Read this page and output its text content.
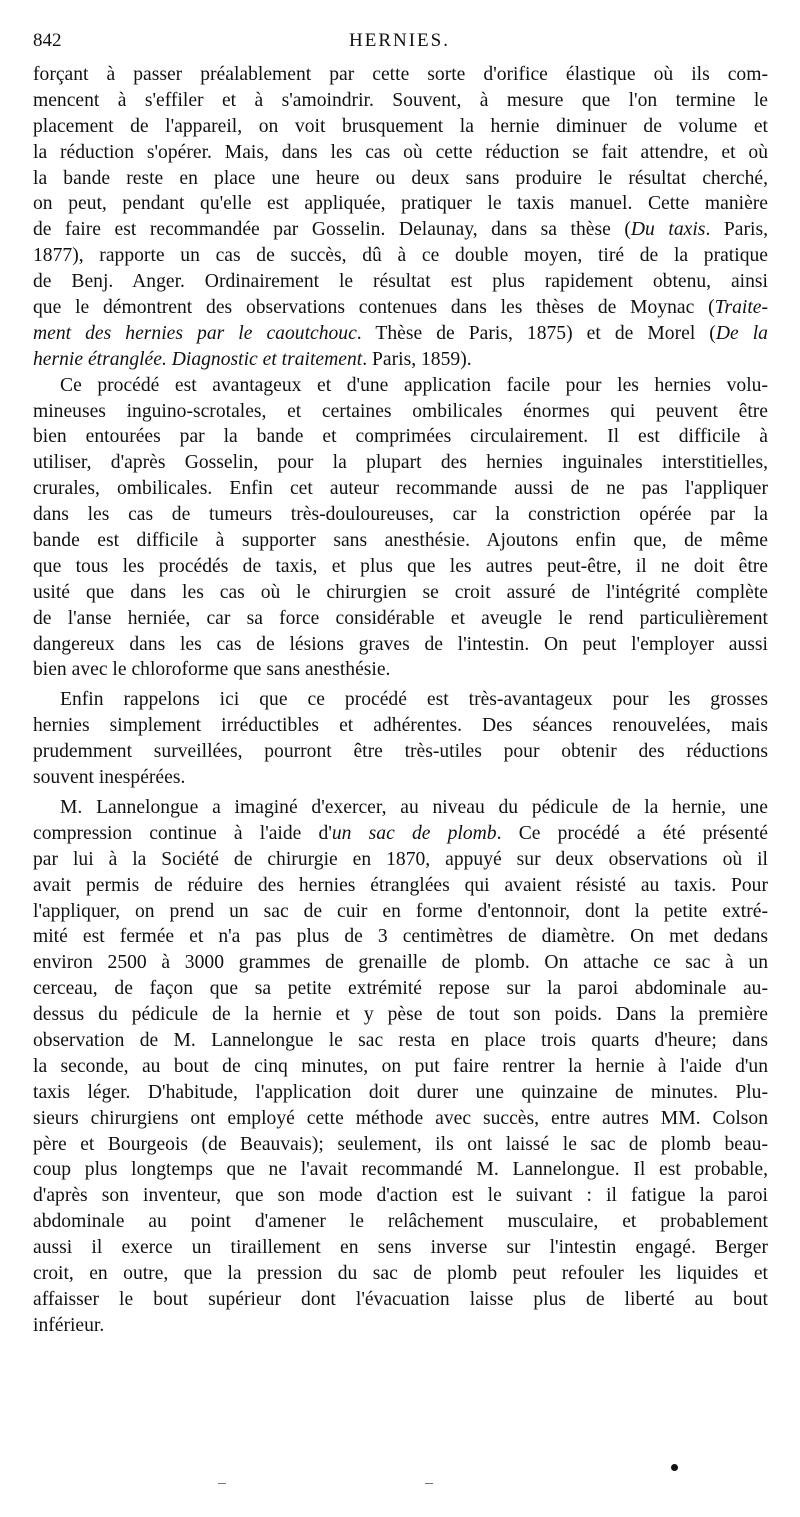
842	HERNIES.
forçant à passer préalablement par cette sorte d'orifice élastique où ils com-
mencent à s'effiler et à s'amoindrir. Souvent, à mesure que l'on termine le
placement de l'appareil, on voit brusquement la hernie diminuer de volume et
la réduction s'opérer. Mais, dans les cas où cette réduction se fait attendre, et où
la bande reste en place une heure ou deux sans produire le résultat cherché,
on peut, pendant qu'elle est appliquée, pratiquer le taxis manuel. Cette manière
de faire est recommandée par Gosselin. Delaunay, dans sa thèse (Du taxis. Paris,
1877), rapporte un cas de succès, dû à ce double moyen, tiré de la pratique
de Benj. Anger. Ordinairement le résultat est plus rapidement obtenu, ainsi
que le démontrent des observations contenues dans les thèses de Moynac (Traite-
ment des hernies par le caoutchouc. Thèse de Paris, 1875) et de Morel (De la
hernie étranglée. Diagnostic et traitement. Paris, 1859).
Ce procédé est avantageux et d'une application facile pour les hernies volu-
mineuses inguino-scrotales, et certaines ombilicales énormes qui peuvent être
bien entourées par la bande et comprimées circulairement. Il est difficile à
utiliser, d'après Gosselin, pour la plupart des hernies inguinales interstitielles,
crurales, ombilicales. Enfin cet auteur recommande aussi de ne pas l'appliquer
dans les cas de tumeurs très-douloureuses, car la constriction opérée par la
bande est difficile à supporter sans anesthésie. Ajoutons enfin que, de même
que tous les procédés de taxis, et plus que les autres peut-être, il ne doit être
usité que dans les cas où le chirurgien se croit assuré de l'intégrité complète
de l'anse herniée, car sa force considérable et aveugle le rend particulièrement
dangereux dans les cas de lésions graves de l'intestin. On peut l'employer aussi
bien avec le chloroforme que sans anesthésie.
Enfin rappelons ici que ce procédé est très-avantageux pour les grosses
hernies simplement irréductibles et adhérentes. Des séances renouvelées, mais
prudemment surveillées, pourront être très-utiles pour obtenir des réductions
souvent inespérées.
M. Lannelongue a imaginé d'exercer, au niveau du pédicule de la hernie, une
compression continue à l'aide d'un sac de plomb. Ce procédé a été présenté
par lui à la Société de chirurgie en 1870, appuyé sur deux observations où il
avait permis de réduire des hernies étranglées qui avaient résisté au taxis. Pour
l'appliquer, on prend un sac de cuir en forme d'entonnoir, dont la petite extré-
mité est fermée et n'a pas plus de 3 centimètres de diamètre. On met dedans
environ 2500 à 3000 grammes de grenaille de plomb. On attache ce sac à un
cerceau, de façon que sa petite extrémité repose sur la paroi abdominale au-
dessus du pédicule de la hernie et y pèse de tout son poids. Dans la première
observation de M. Lannelongue le sac resta en place trois quarts d'heure; dans
la seconde, au bout de cinq minutes, on put faire rentrer la hernie à l'aide d'un
taxis léger. D'habitude, l'application doit durer une quinzaine de minutes. Plu-
sieurs chirurgiens ont employé cette méthode avec succès, entre autres MM. Colson
père et Bourgeois (de Beauvais); seulement, ils ont laissé le sac de plomb beau-
coup plus longtemps que ne l'avait recommandé M. Lannelongue. Il est probable,
d'après son inventeur, que son mode d'action est le suivant : il fatigue la paroi
abdominale au point d'amener le relâchement musculaire, et probablement
aussi il exerce un tiraillement en sens inverse sur l'intestin engagé. Berger
croit, en outre, que la pression du sac de plomb peut refouler les liquides et
affaisser le bout supérieur dont l'évacuation laisse plus de liberté au bout
inférieur.
